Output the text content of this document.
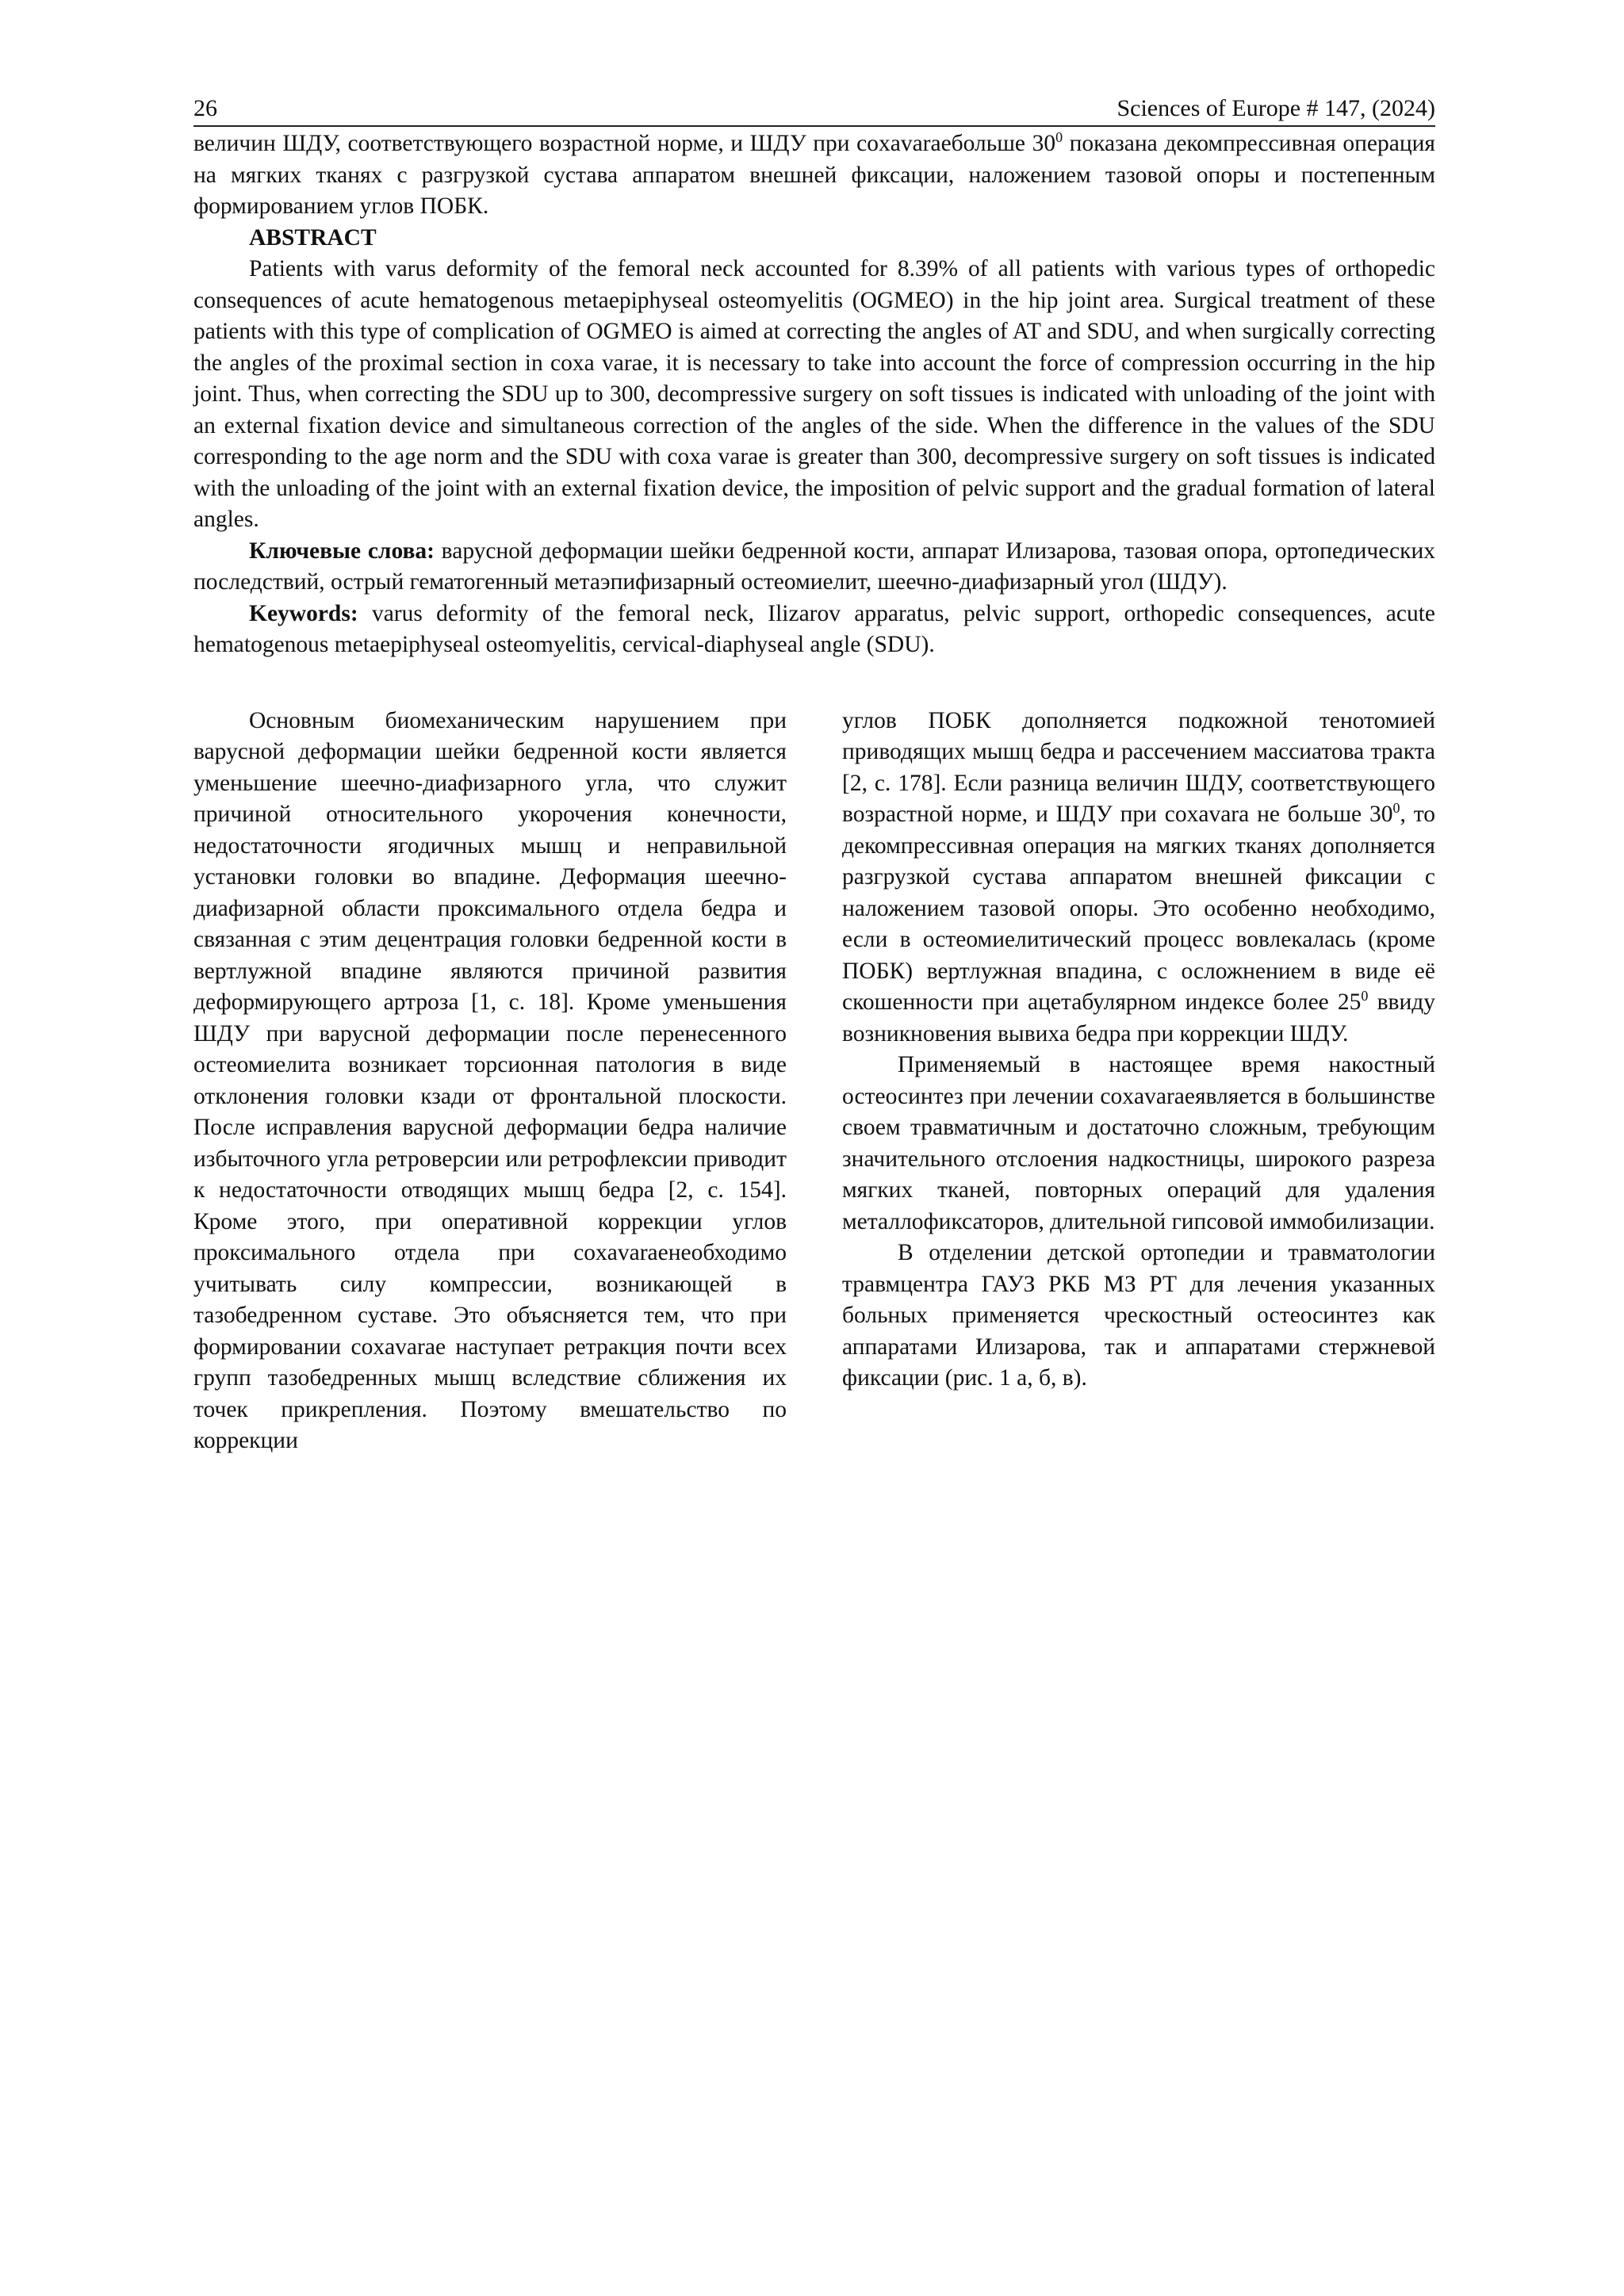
26	Sciences of Europe # 147, (2024)

величин ШДУ, соответствующего возрастной норме, и ШДУ при coxavaraeбольше $30^0$ показана декомпрессивная операция на мягких тканях с разгрузкой сустава аппаратом внешней фиксации, наложением тазовой опоры и постепенным формированием углов ПОБК.

ABSTRACT

Patients with varus deformity of the femoral neck accounted for 8.39% of all patients with various types of orthopedic consequences of acute hematogenous metaepiphyseal osteomyelitis (OGMEO) in the hip joint area. Surgical treatment of these patients with this type of complication of OGMEO is aimed at correcting the angles of AT and SDU, and when surgically correcting the angles of the proximal section in coxa varae, it is necessary to take into account the force of compression occurring in the hip joint. Thus, when correcting the SDU up to 300, decompressive surgery on soft tissues is indicated with unloading of the joint with an external fixation device and simultaneous correction of the angles of the side. When the difference in the values of the SDU corresponding to the age norm and the SDU with coxa varae is greater than 300, decompressive surgery on soft tissues is indicated with the unloading of the joint with an external fixation device, the imposition of pelvic support and the gradual formation of lateral angles.

Ключевые слова: варусной деформации шейки бедренной кости, аппарат Илизарова, тазовая опора, ортопедических последствий, острый гематогенный метаэпифизарный остеомиелит, шеечно-диафизарный угол (ШДУ).

Keywords: varus deformity of the femoral neck, Ilizarov apparatus, pelvic support, orthopedic consequences, acute hematogenous metaepiphyseal osteomyelitis, cervical-diaphyseal angle (SDU).

Основным биомеханическим нарушением при варусной деформации шейки бедренной кости является уменьшение шеечно-диафизарного угла, что служит причиной относительного укорочения конечности, недостаточности ягодичных мышц и неправильной установки головки во впадине. Деформация шеечно-диафизарной области проксимального отдела бедра и связанная с этим децентрация головки бедренной кости в вертлужной впадине являются причиной развития деформирующего артроза [1, с. 18]. Кроме уменьшения ШДУ при варусной деформации после перенесенного остеомиелита возникает торсионная патология в виде отклонения головки кзади от фронтальной плоскости. После исправления варусной деформации бедра наличие избыточного угла ретроверсии или ретрофлексии приводит к недостаточности отводящих мышц бедра [2, с. 154]. Кроме этого, при оперативной коррекции углов проксимального отдела при coxavaraeнеобходимо учитывать силу компрессии, возникающей в тазобедренном суставе. Это объясняется тем, что при формировании coxavarae наступает ретракция почти всех групп тазобедренных мышц вследствие сближения их точек прикрепления. Поэтому вмешательство по коррекции

углов ПОБК дополняется подкожной тенотомией приводящих мышц бедра и рассечением массиатова тракта [2, с. 178]. Если разница величин ШДУ, соответствующего возрастной норме, и ШДУ при coxavara не больше $30^0$, то декомпрессивная операция на мягких тканях дополняется разгрузкой сустава аппаратом внешней фиксации с наложением тазовой опоры. Это особенно необходимо, если в остеомиелитический процесс вовлекалась (кроме ПОБК) вертлужная впадина, с осложнением в виде её скошенности при ацетабулярном индексе более $25^0$ ввиду возникновения вывиха бедра при коррекции ШДУ.

Применяемый в настоящее время накостный остеосинтез при лечении coxavaraeявляется в большинстве своем травматичным и достаточно сложным, требующим значительного отслоения надкостницы, широкого разреза мягких тканей, повторных операций для удаления металлофиксаторов, длительной гипсовой иммобилизации.

В отделении детской ортопедии и травматологии травмцентра ГАУЗ РКБ МЗ РТ для лечения указанных больных применяется чрескостный остеосинтез как аппаратами Илизарова, так и аппаратами стержневой фиксации (рис. 1 а, б, в).
